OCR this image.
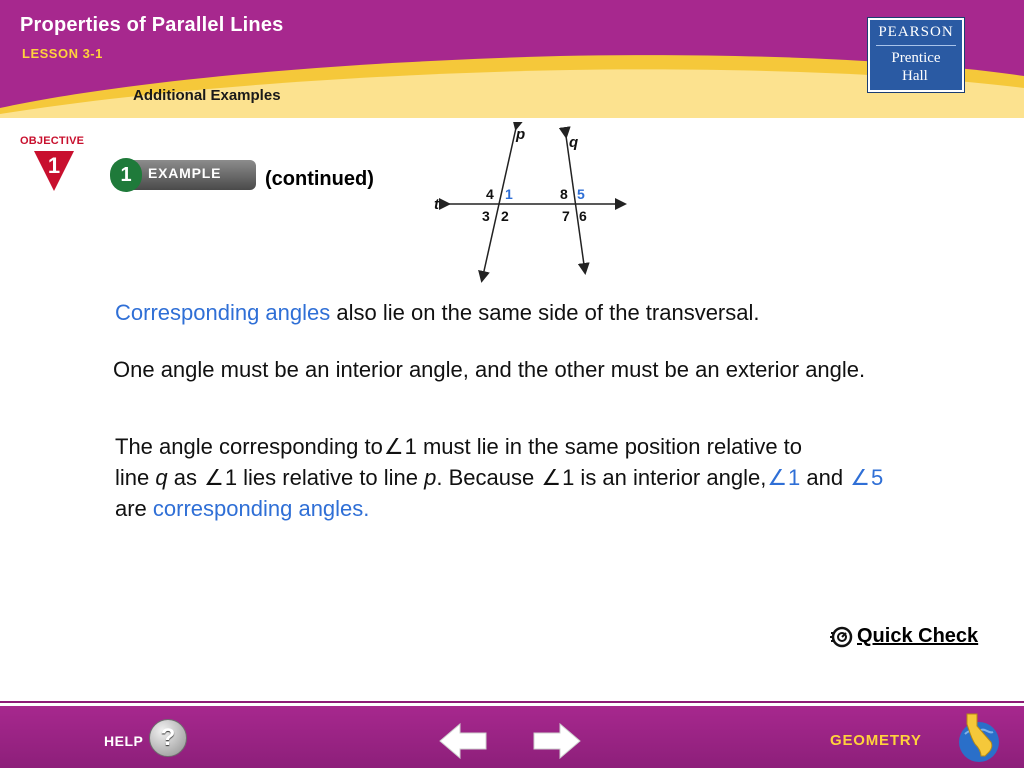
Properties of Parallel Lines
LESSON 3-1
Additional Examples
PEARSON
Prentice
Hall
OBJECTIVE
1	1	EXAMPLE (continued)
p	q
t
4 1
3 2
8 5
7 6
Corresponding angles also lie on the same side of the transversal.
One angle must be an interior angle, and the other must be an exterior angle.
The angle corresponding to∠1 must lie in the same position relative to
line q as ∠1 lies relative to line p. Because ∠1 is an interior angle,∠1 and ∠5
are corresponding angles.
Quick Check
HELP ?	GEOMETRY
